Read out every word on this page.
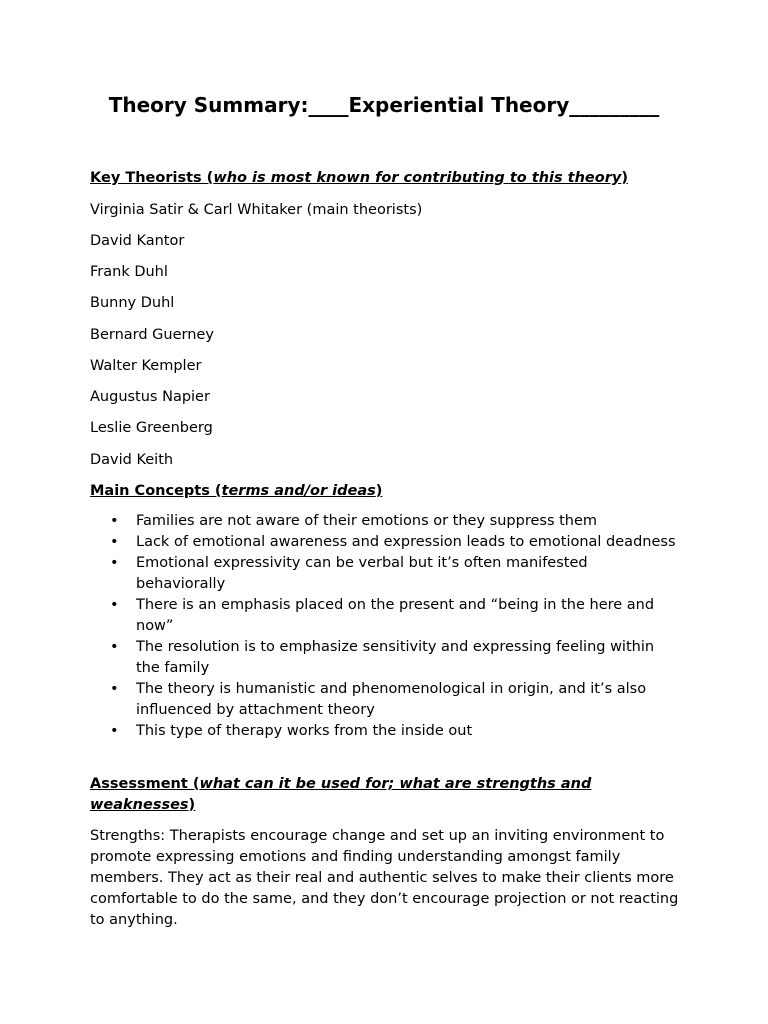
Theory Summary:____Experiential Theory_________
Key Theorists (who is most known for contributing to this theory)
Virginia Satir & Carl Whitaker (main theorists)
David Kantor
Frank Duhl
Bunny Duhl
Bernard Guerney
Walter Kempler
Augustus Napier
Leslie Greenberg
David Keith
Main Concepts (terms and/or ideas)
• Families are not aware of their emotions or they suppress them
• Lack of emotional awareness and expression leads to emotional deadness
• Emotional expressivity can be verbal but it’s often manifested behaviorally
• There is an emphasis placed on the present and “being in the here and now”
• The resolution is to emphasize sensitivity and expressing feeling within the family
• The theory is humanistic and phenomenological in origin, and it’s also influenced by attachment theory
• This type of therapy works from the inside out
Assessment (what can it be used for; what are strengths and weaknesses)
Strengths: Therapists encourage change and set up an inviting environment to promote expressing emotions and finding understanding amongst family members. They act as their real and authentic selves to make their clients more comfortable to do the same, and they don’t encourage projection or not reacting to anything.
